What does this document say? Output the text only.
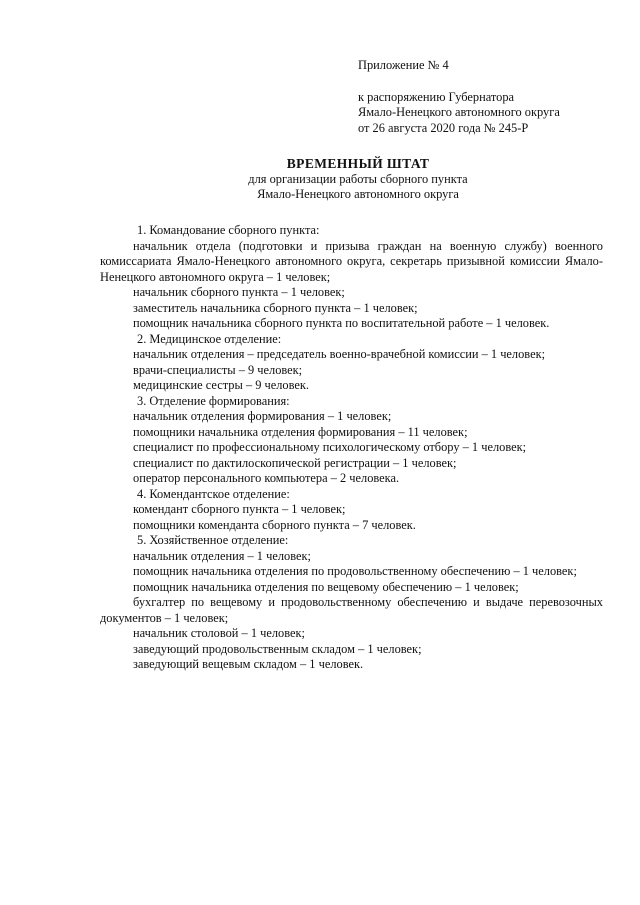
Приложение № 4
к распоряжению Губернатора
Ямало-Ненецкого автономного округа
от 26 августа 2020 года № 245-Р
ВРЕМЕННЫЙ ШТАТ
для организации работы сборного пункта
Ямало-Ненецкого автономного округа

1. Командование сборного пункта:

начальник отдела (подготовки и призыва граждан на военную службу) военного комиссариата Ямало-Ненецкого автономного округа, секретарь призывной комиссии Ямало-Ненецкого автономного округа – 1 человек;

начальник сборного пункта – 1 человек;

заместитель начальника сборного пункта – 1 человек;

помощник начальника сборного пункта по воспитательной работе – 1 человек.

2. Медицинское отделение:

начальник отделения – председатель военно-врачебной комиссии – 1 человек;

врачи-специалисты – 9 человек;

медицинские сестры – 9 человек.

3. Отделение формирования:

начальник отделения формирования – 1 человек;

помощники начальника отделения формирования – 11 человек;

специалист по профессиональному психологическому отбору – 1 человек;

специалист по дактилоскопической регистрации – 1 человек;

оператор персонального компьютера – 2 человека.

4. Комендантское отделение:

комендант сборного пункта – 1 человек;

помощники коменданта сборного пункта – 7 человек.

5. Хозяйственное отделение:

начальник отделения – 1 человек;

помощник начальника отделения по продовольственному обеспечению – 1 человек;

помощник начальника отделения по вещевому обеспечению – 1 человек;

бухгалтер по вещевому и продовольственному обеспечению и выдаче перевозочных документов – 1 человек;

начальник столовой – 1 человек;

заведующий продовольственным складом – 1 человек;

заведующий вещевым складом – 1 человек.
